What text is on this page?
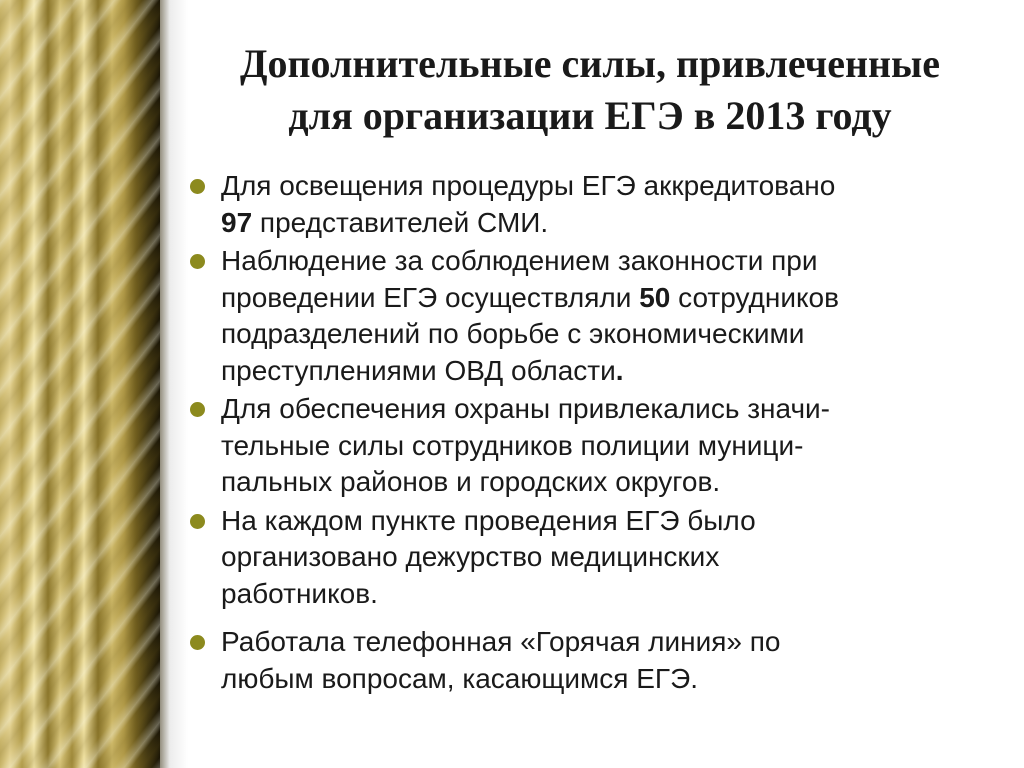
Дополнительные силы, привлеченные
для организации ЕГЭ в 2013 году
Для освещения процедуры ЕГЭ аккредитовано
97 представителей СМИ.
Наблюдение за соблюдением законности при
проведении ЕГЭ осуществляли 50 сотрудников
подразделений по борьбе с экономическими
преступлениями ОВД области.
Для обеспечения охраны привлекались значи-
тельные силы сотрудников полиции муници-
пальных районов и городских округов.
На каждом пункте проведения ЕГЭ было
организовано дежурство медицинских
работников.
Работала телефонная «Горячая линия» по
любым вопросам, касающимся ЕГЭ.
